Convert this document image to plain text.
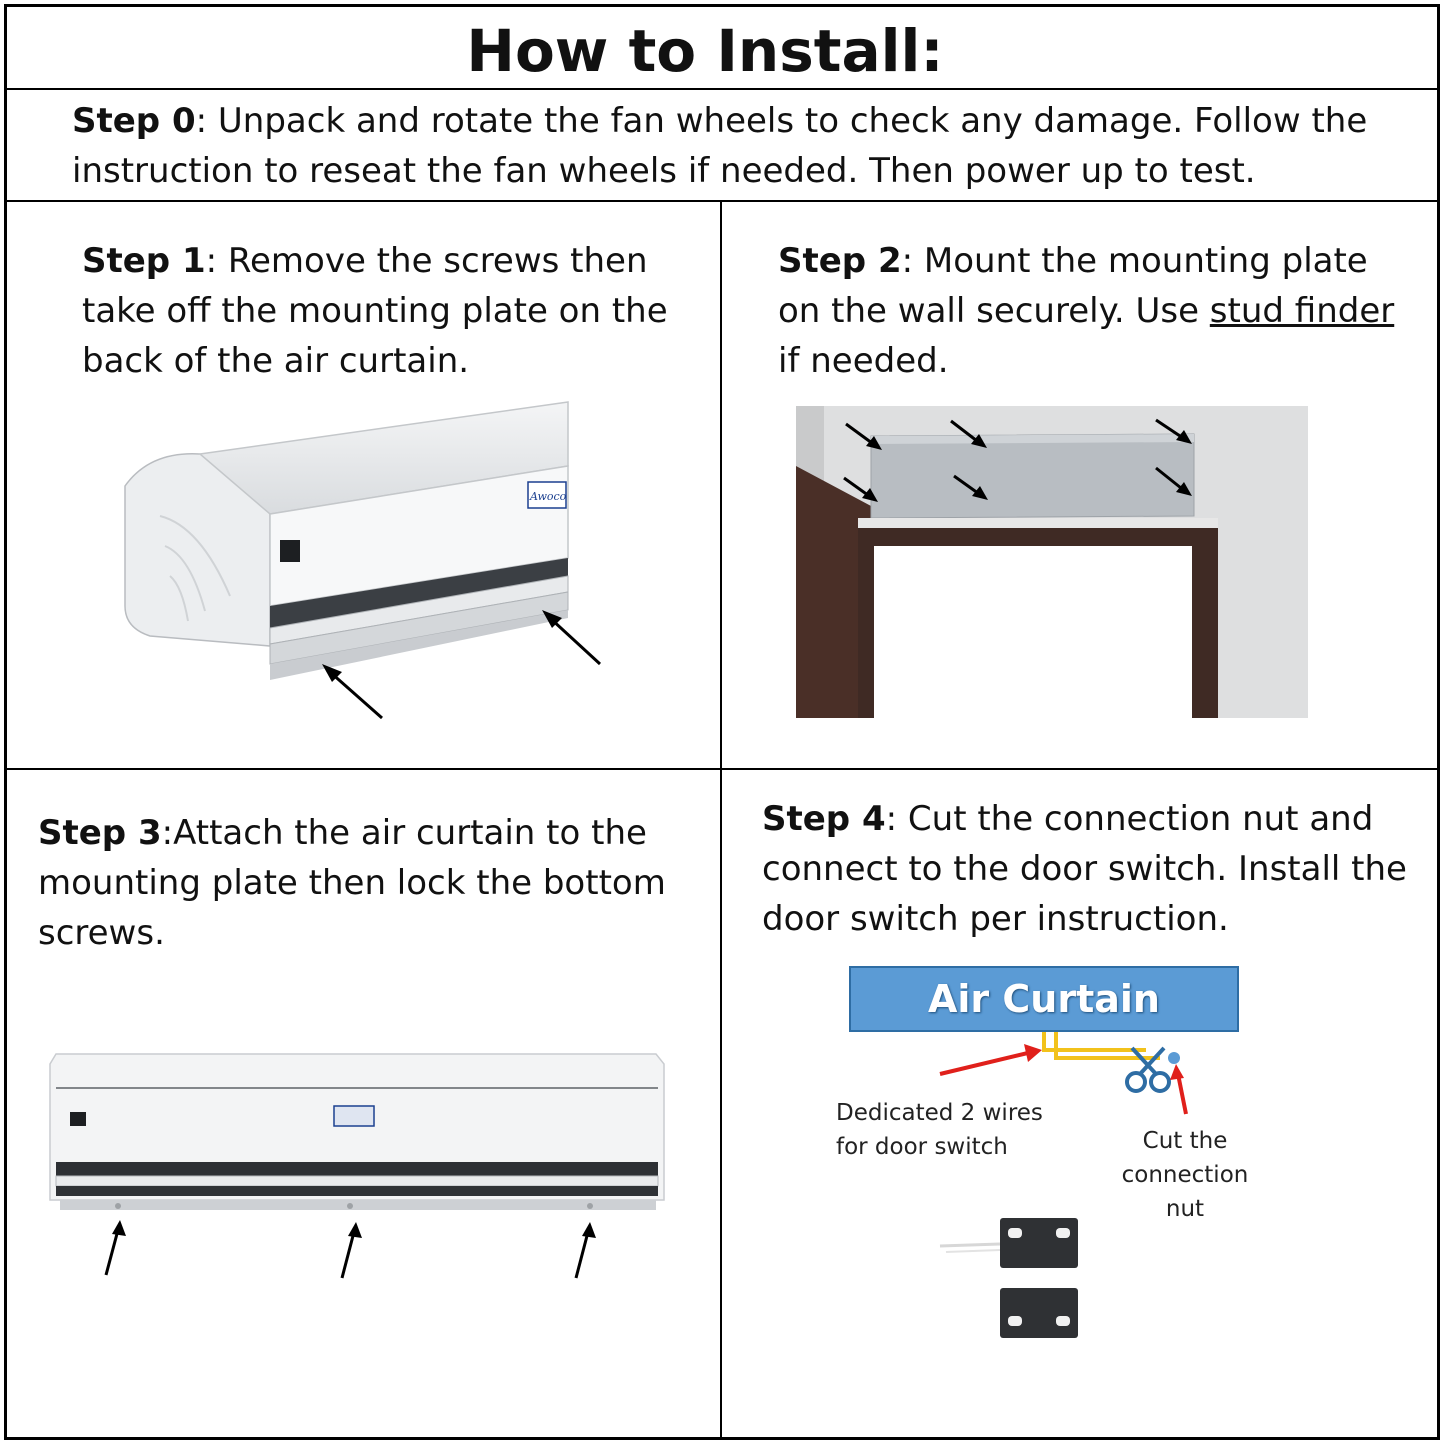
How to Install:
Step 0: Unpack and rotate the fan wheels to check any damage. Follow the
instruction to reseat the fan wheels if needed. Then power up to test.
Step 1: Remove the screws then
take off the mounting plate on the
back of the air curtain.
Awoco
Step 2: Mount the mounting plate
on the wall securely. Use stud finder
if needed.
Step 3:Attach the air curtain to the
mounting plate then lock the bottom
screws.
Step 4: Cut the connection nut and
connect to the door switch. Install the
door switch per instruction.
Air Curtain
Dedicated 2 wires
for door switch	Cut the
connection nut
